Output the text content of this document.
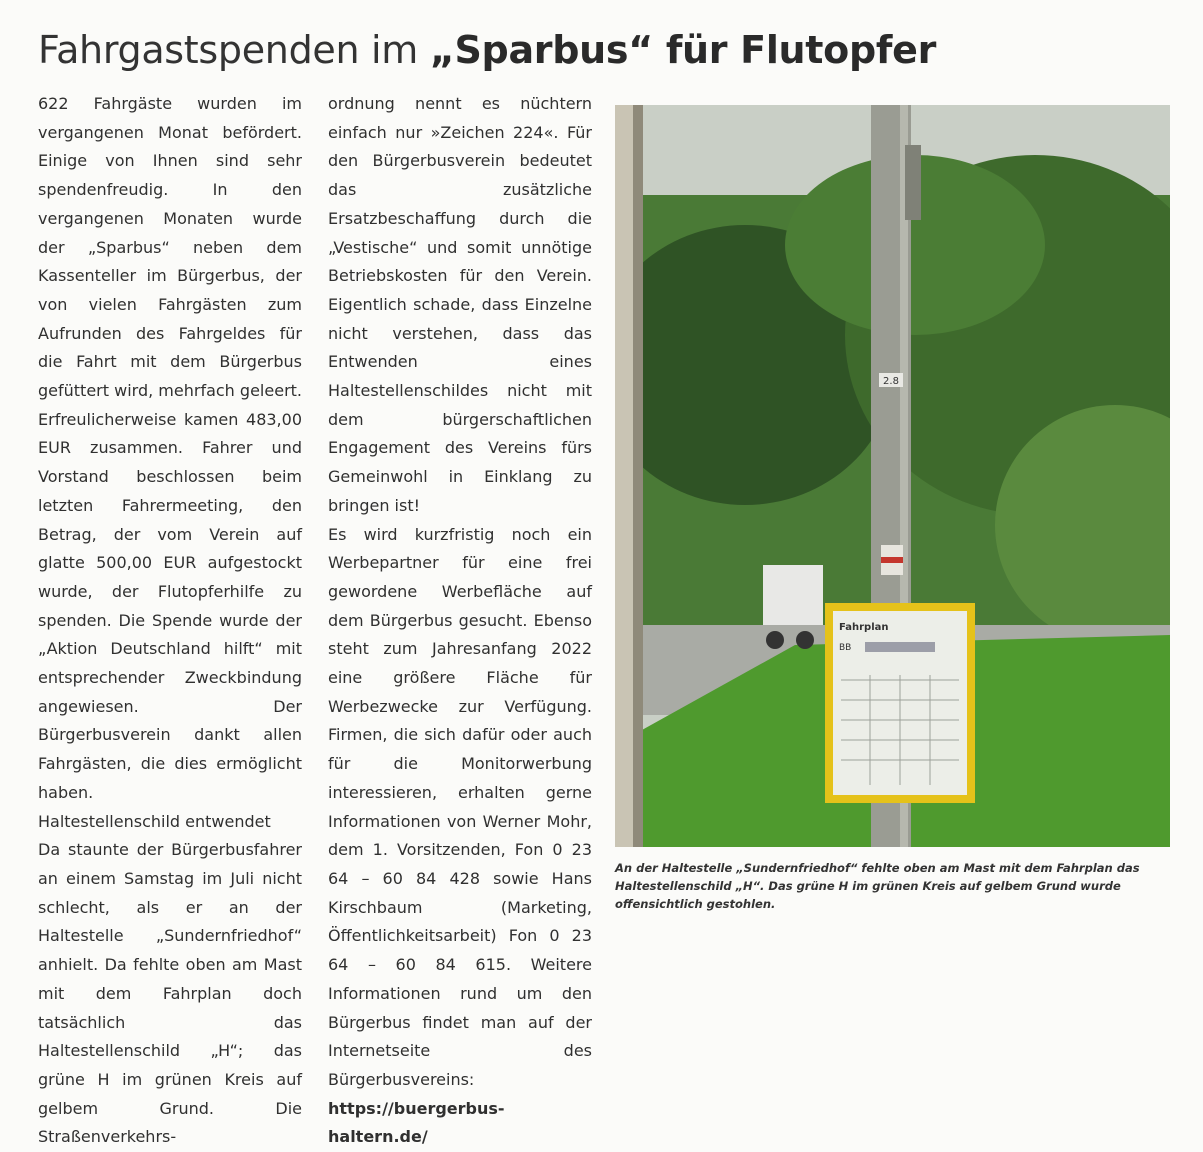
Fahrgastspenden im „Sparbus“ für Flutopfer

622 Fahrgäste wurden im vergangenen Monat befördert. Einige von Ihnen sind sehr spendenfreudig. In den vergangenen Monaten wurde der „Sparbus“ neben dem Kassenteller im Bürgerbus, der von vielen Fahrgästen zum Aufrunden des Fahrgeldes für die Fahrt mit dem Bürgerbus gefüttert wird, mehrfach geleert. Erfreulicherweise kamen 483,00 EUR zusammen. Fahrer und Vorstand beschlossen beim letzten Fahrermeeting, den Betrag, der vom Verein auf glatte 500,00 EUR aufgestockt wurde, der Flutopferhilfe zu spenden. Die Spende wurde der „Aktion Deutschland hilft“ mit entsprechender Zweckbindung angewiesen. Der Bürgerbusverein dankt allen Fahrgästen, die dies ermöglicht haben.

Haltestellenschild entwendet

Da staunte der Bürgerbusfahrer an einem Samstag im Juli nicht schlecht, als er an der Haltestelle „Sundernfriedhof“ anhielt. Da fehlte oben am Mast mit dem Fahrplan doch tatsächlich das Haltestellenschild „H“; das grüne H im grünen Kreis auf gelbem Grund. Die Straßenverkehrs-

ordnung nennt es nüchtern einfach nur »Zeichen 224«. Für den Bürgerbusverein bedeutet das zusätzliche Ersatzbeschaffung durch die „Vestische“ und somit unnötige Betriebskosten für den Verein. Eigentlich schade, dass Einzelne nicht verstehen, dass das Entwenden eines Haltestellenschildes nicht mit dem bürgerschaftlichen Engagement des Vereins fürs Gemeinwohl in Einklang zu bringen ist!

Es wird kurzfristig noch ein Werbepartner für eine frei gewordene Werbefläche auf dem Bürgerbus gesucht. Ebenso steht zum Jahresanfang 2022 eine größere Fläche für Werbezwecke zur Verfügung. Firmen, die sich dafür oder auch für die Monitorwerbung interessieren, erhalten gerne Informationen von Werner Mohr, dem 1. Vorsitzenden, Fon 0 23 64 – 60 84 428 sowie Hans Kirschbaum (Marketing, Öffentlichkeitsarbeit) Fon 0 23 64 – 60 84 615. Weitere Informationen rund um den Bürgerbus findet man auf der Internetseite des Bürgerbusvereins:

https://buergerbus-haltern.de/

2.8
Fahrplan
BB
An der Haltestelle „Sundernfriedhof“ fehlte oben am Mast mit dem Fahrplan das Haltestellenschild „H“. Das grüne H im grünen Kreis auf gelbem Grund wurde offensichtlich gestohlen.
